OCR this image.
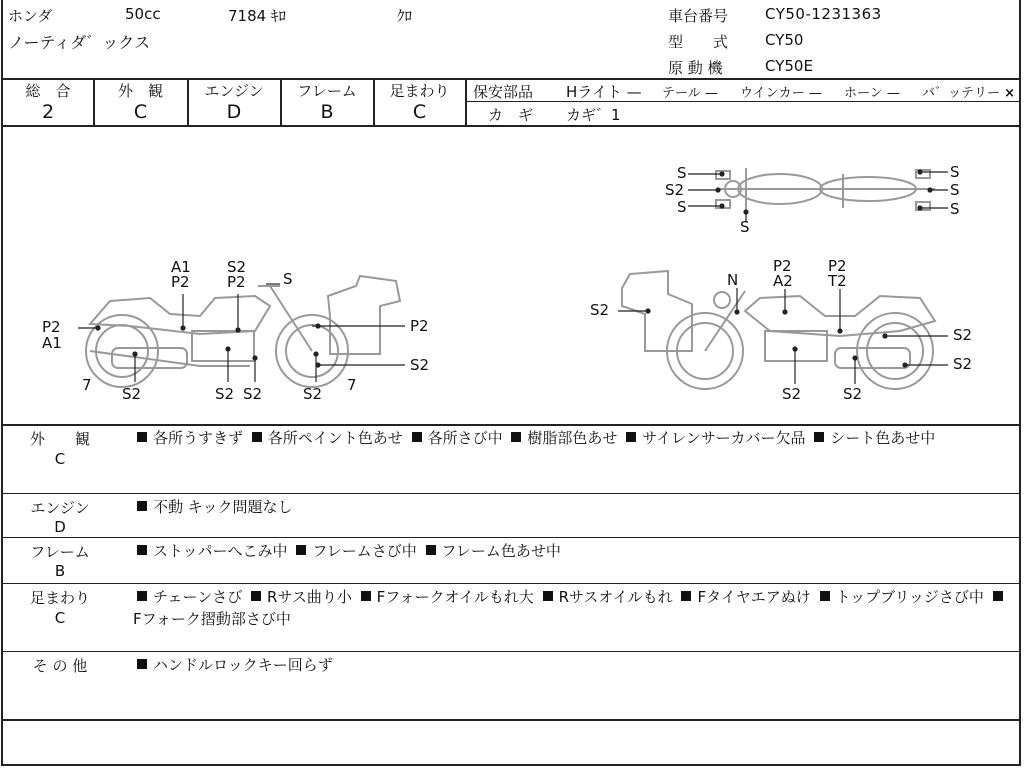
ホンダ	50cc	7184 ｷﾛ	ｸﾛ
ノーティダ゛ックス
車台番号 CY50-1231363
型　　式 CY50
原 動 機	CY50E
総　合
2
外　観
C
エンジン
D
フレーム
B
足まわり
C
保安部品 Hライト — テール — ウインカー — ホーン — バ゛ッテリー ×
カ　ギ カギ゛1
S
S2
S
S
S
S
S
A1
P2
S2
P2 S
P2
A1
P2
7 S2	S2 S2
S2
7
S2
N
P2
A2
P2
T2
S2
S2
S2
S2	S2
外　　観
C
各所うすきず 各所ペイント色あせ 各所さび中 樹脂部色あせ サイレンサーカバー欠品 シート色あせ中
エンジン
D
不動 キック問題なし
フレーム
B
ストッパーへこみ中 フレームさび中 フレーム色あせ中
足まわり
C
チェーンさび Rサス曲り小 Fフォークオイルもれ大 Rサスオイルもれ Fタイヤエアぬけ トップブリッジさび中 Fフォーク摺動部さび中
そ の 他	ハンドルロックキー回らず
